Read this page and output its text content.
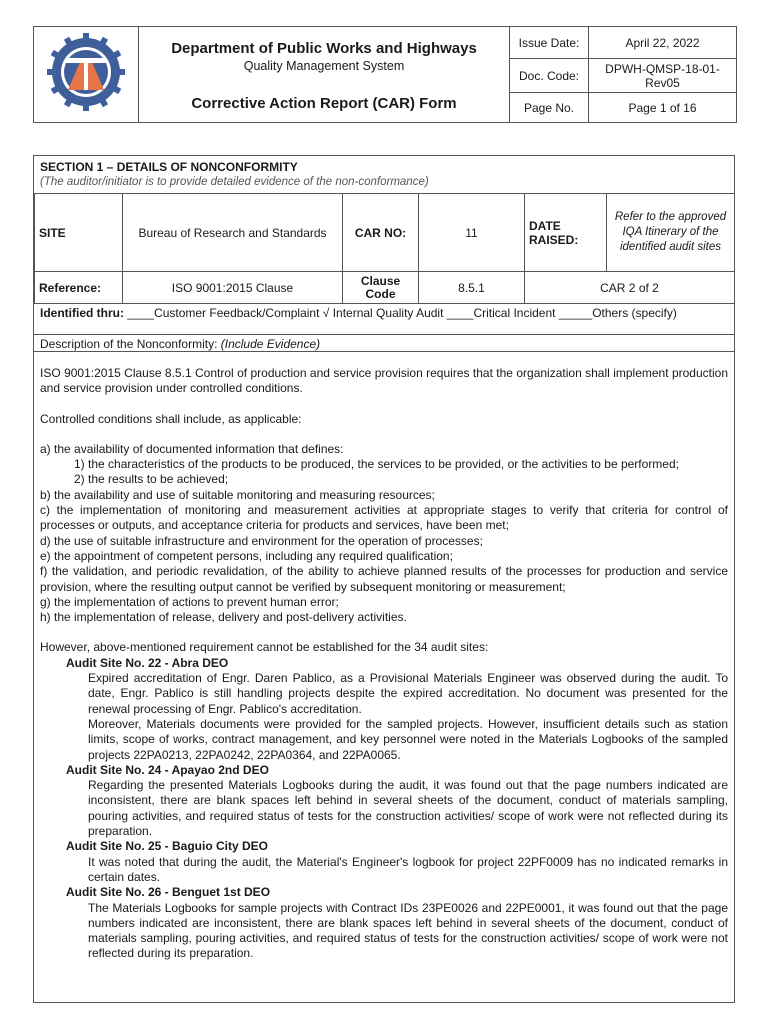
Department of Public Works and Highways
Quality Management System
Corrective Action Report (CAR) Form	Issue Date:	April 22, 2022
		Doc. Code:	DPWH-QMSP-18-01-Rev05
		Page No.	Page 1 of 16
SECTION 1 – DETAILS OF NONCONFORMITY
(The auditor/initiator is to provide detailed evidence of the non-conformance)
SITE	Bureau of Research and Standards	CAR NO:	11	DATE RAISED:	Refer to the approved IQA Itinerary of the identified audit sites
Reference:	ISO 9001:2015 Clause	Clause Code	8.5.1	CAR 2 of 2	
Identified thru: ____Customer Feedback/Complaint √ Internal Quality Audit ____Critical Incident _____Others (specify)
Description of the Nonconformity: (Include Evidence)

ISO 9001:2015 Clause 8.5.1 Control of production and service provision requires that the organization shall implement production and service provision under controlled conditions.

Controlled conditions shall include, as applicable:

a) the availability of documented information that defines:

1) the characteristics of the products to be produced, the services to be provided, or the activities to be performed;

2) the results to be achieved;

b) the availability and use of suitable monitoring and measuring resources;

c) the implementation of monitoring and measurement activities at appropriate stages to verify that criteria for control of processes or outputs, and acceptance criteria for products and services, have been met;

d) the use of suitable infrastructure and environment for the operation of processes;

e) the appointment of competent persons, including any required qualification;

f) the validation, and periodic revalidation, of the ability to achieve planned results of the processes for production and service provision, where the resulting output cannot be verified by subsequent monitoring or measurement;

g) the implementation of actions to prevent human error;

h) the implementation of release, delivery and post-delivery activities.

However, above-mentioned requirement cannot be established for the 34 audit sites:

Audit Site No. 22 - Abra DEO

Expired accreditation of Engr. Daren Pablico, as a Provisional Materials Engineer was observed during the audit. To date, Engr. Pablico is still handling projects despite the expired accreditation. No document was presented for the renewal processing of Engr. Pablico's accreditation.

Moreover, Materials documents were provided for the sampled projects. However, insufficient details such as station limits, scope of works, contract management, and key personnel were noted in the Materials Logbooks of the sampled projects 22PA0213, 22PA0242, 22PA0364, and 22PA0065.

Audit Site No. 24 - Apayao 2nd DEO

Regarding the presented Materials Logbooks during the audit, it was found out that the page numbers indicated are inconsistent, there are blank spaces left behind in several sheets of the document, conduct of materials sampling, pouring activities, and required status of tests for the construction activities/ scope of work were not reflected during its preparation.

Audit Site No. 25 - Baguio City DEO

It was noted that during the audit, the Material's Engineer's logbook for project 22PF0009 has no indicated remarks in certain dates.

Audit Site No. 26 - Benguet 1st DEO

The Materials Logbooks for sample projects with Contract IDs 23PE0026 and 22PE0001, it was found out that the page numbers indicated are inconsistent, there are blank spaces left behind in several sheets of the document, conduct of materials sampling, pouring activities, and required status of tests for the construction activities/ scope of work were not reflected during its preparation.
